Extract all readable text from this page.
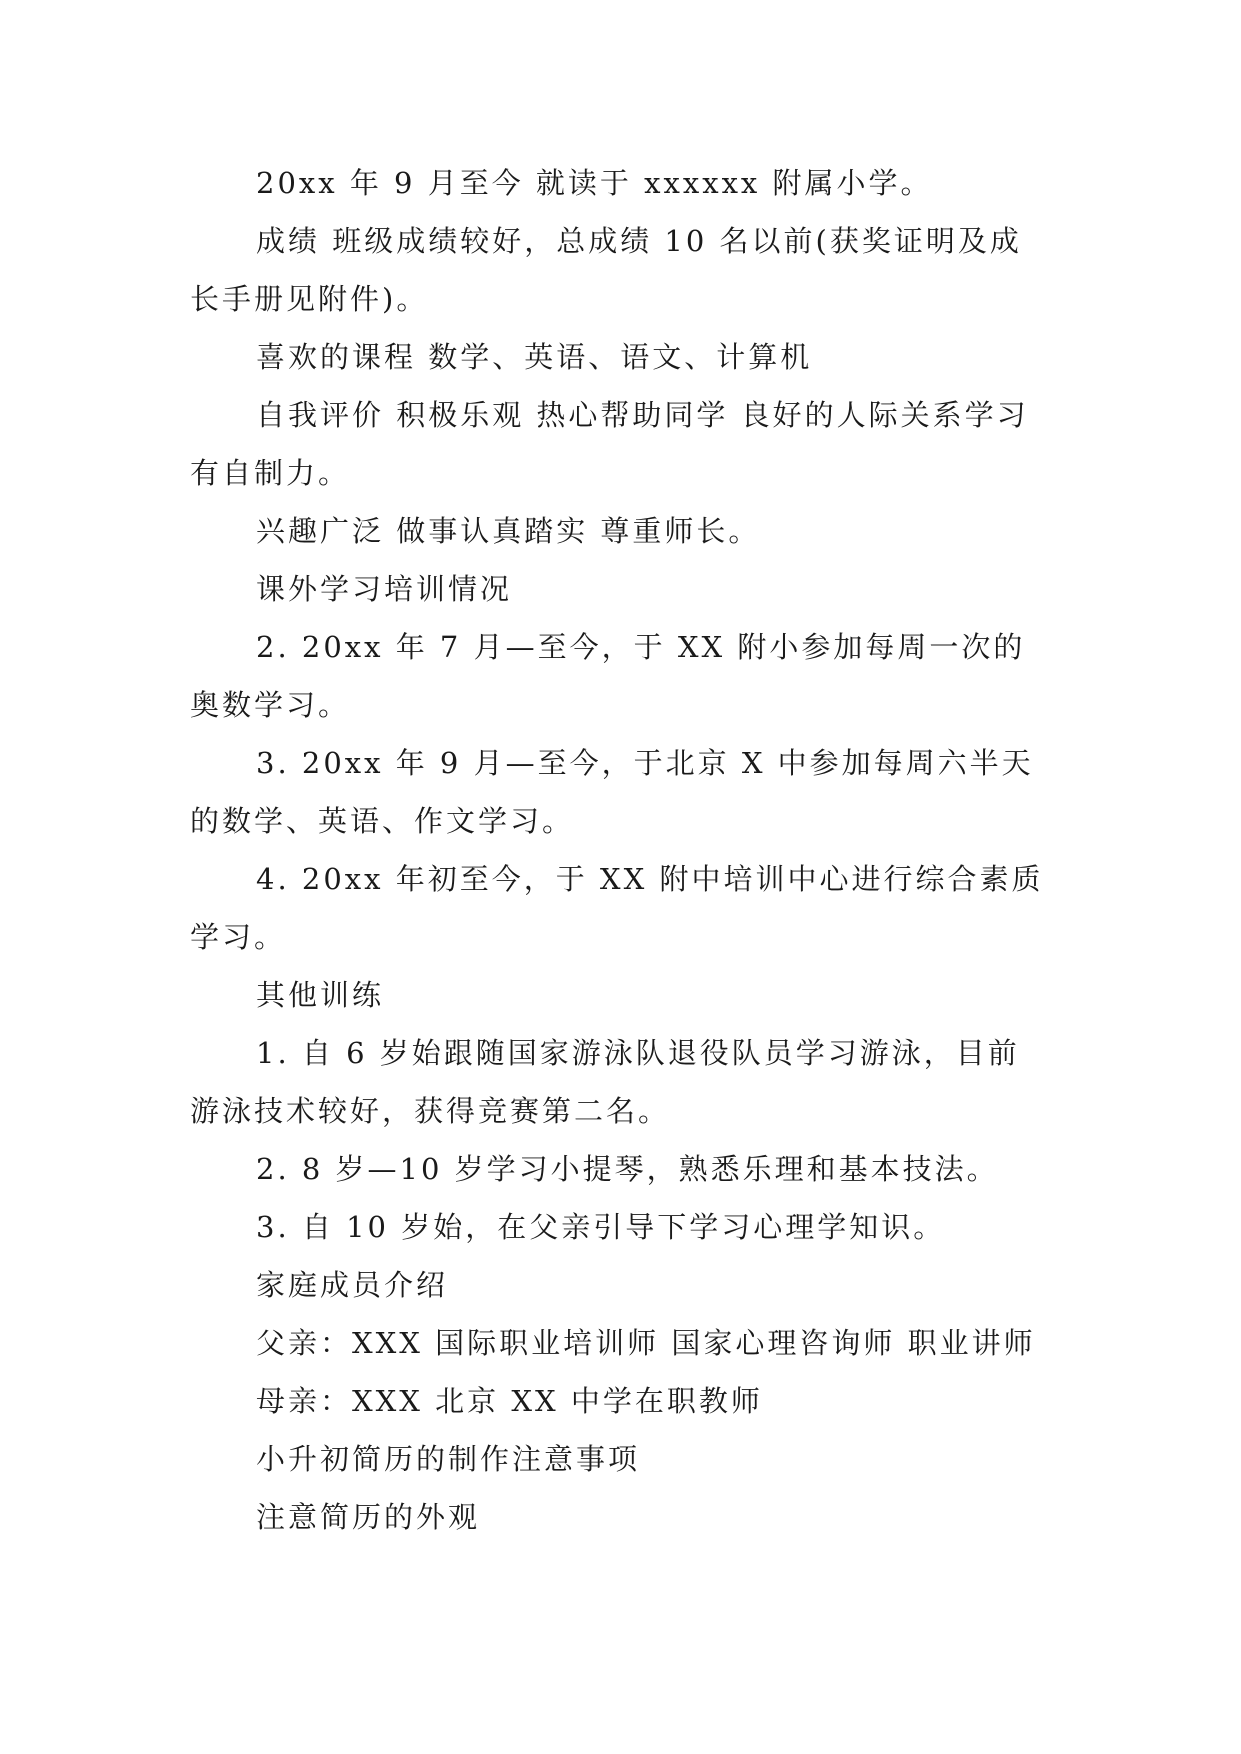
20xx 年 9 月至今 就读于 xxxxxx 附属小学。

成绩 班级成绩较好，总成绩 10 名以前(获奖证明及成长手册见附件)。

喜欢的课程 数学、英语、语文、计算机

自我评价 积极乐观 热心帮助同学 良好的人际关系学习有自制力。

兴趣广泛 做事认真踏实 尊重师长。

课外学习培训情况

2. 20xx 年 7 月—至今，于 XX 附小参加每周一次的奥数学习。

3. 20xx 年 9 月—至今，于北京 X 中参加每周六半天的数学、英语、作文学习。

4. 20xx 年初至今，于 XX 附中培训中心进行综合素质学习。

其他训练

1. 自 6 岁始跟随国家游泳队退役队员学习游泳，目前游泳技术较好，获得竞赛第二名。

2. 8 岁—10 岁学习小提琴，熟悉乐理和基本技法。

3. 自 10 岁始，在父亲引导下学习心理学知识。

家庭成员介绍

父亲：XXX 国际职业培训师 国家心理咨询师 职业讲师

母亲：XXX 北京 XX 中学在职教师

小升初简历的制作注意事项

注意简历的外观
